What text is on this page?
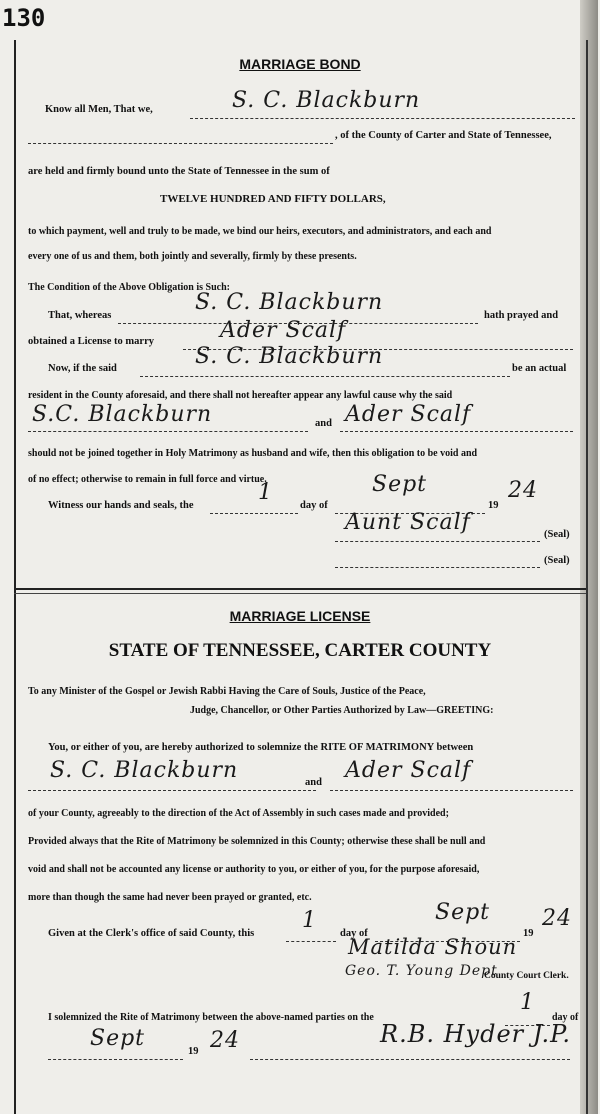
130
MARRIAGE BOND
Know all Men, That we,	S. C. Blackburn
, of the County of Carter and State of Tennessee,
are held and firmly bound unto the State of Tennessee in the sum of
TWELVE HUNDRED AND FIFTY DOLLARS,
to which payment, well and truly to be made, we bind our heirs, executors, and administrators, and each and
every one of us and them, both jointly and severally, firmly by these presents.
The Condition of the Above Obligation is Such:
That, whereas
S. C. Blackburn
hath prayed and
obtained a License to marry	Ader Scalf
Now, if the said	S. C. Blackburn	be an actual
resident in the County aforesaid, and there shall not hereafter appear any lawful cause why the said
S.C. Blackburn	and Ader Scalf
should not be joined together in Holy Matrimony as husband and wife, then this obligation to be void and
of no effect; otherwise to remain in full force and virtue.
Witness our hands and seals, the
1
day of
Sept
19
24
Aunt Scalf	(Seal)
(Seal)
MARRIAGE LICENSE
STATE OF TENNESSEE, CARTER COUNTY
To any Minister of the Gospel or Jewish Rabbi Having the Care of Souls, Justice of the Peace,
Judge, Chancellor, or Other Parties Authorized by Law—GREETING:
You, or either of you, are hereby authorized to solemnize the RITE OF MATRIMONY between
S. C. Blackburn	and Ader Scalf
of your County, agreeably to the direction of the Act of Assembly in such cases made and provided;
Provided always that the Rite of Matrimony be solemnized in this County; otherwise these shall be null and
void and shall not be accounted any license or authority to you, or either of you, for the purpose aforesaid,
more than though the same had never been prayed or granted, etc.
Given at the Clerk's office of said County, this
1
day of
Sept
19
24
Matilda Shoun
Geo. T. Young Dept
County Court Clerk.
I solemnized the Rite of Matrimony between the above-named parties on the
1
day of
Sept
19 24	R.B. Hyder J.P.
